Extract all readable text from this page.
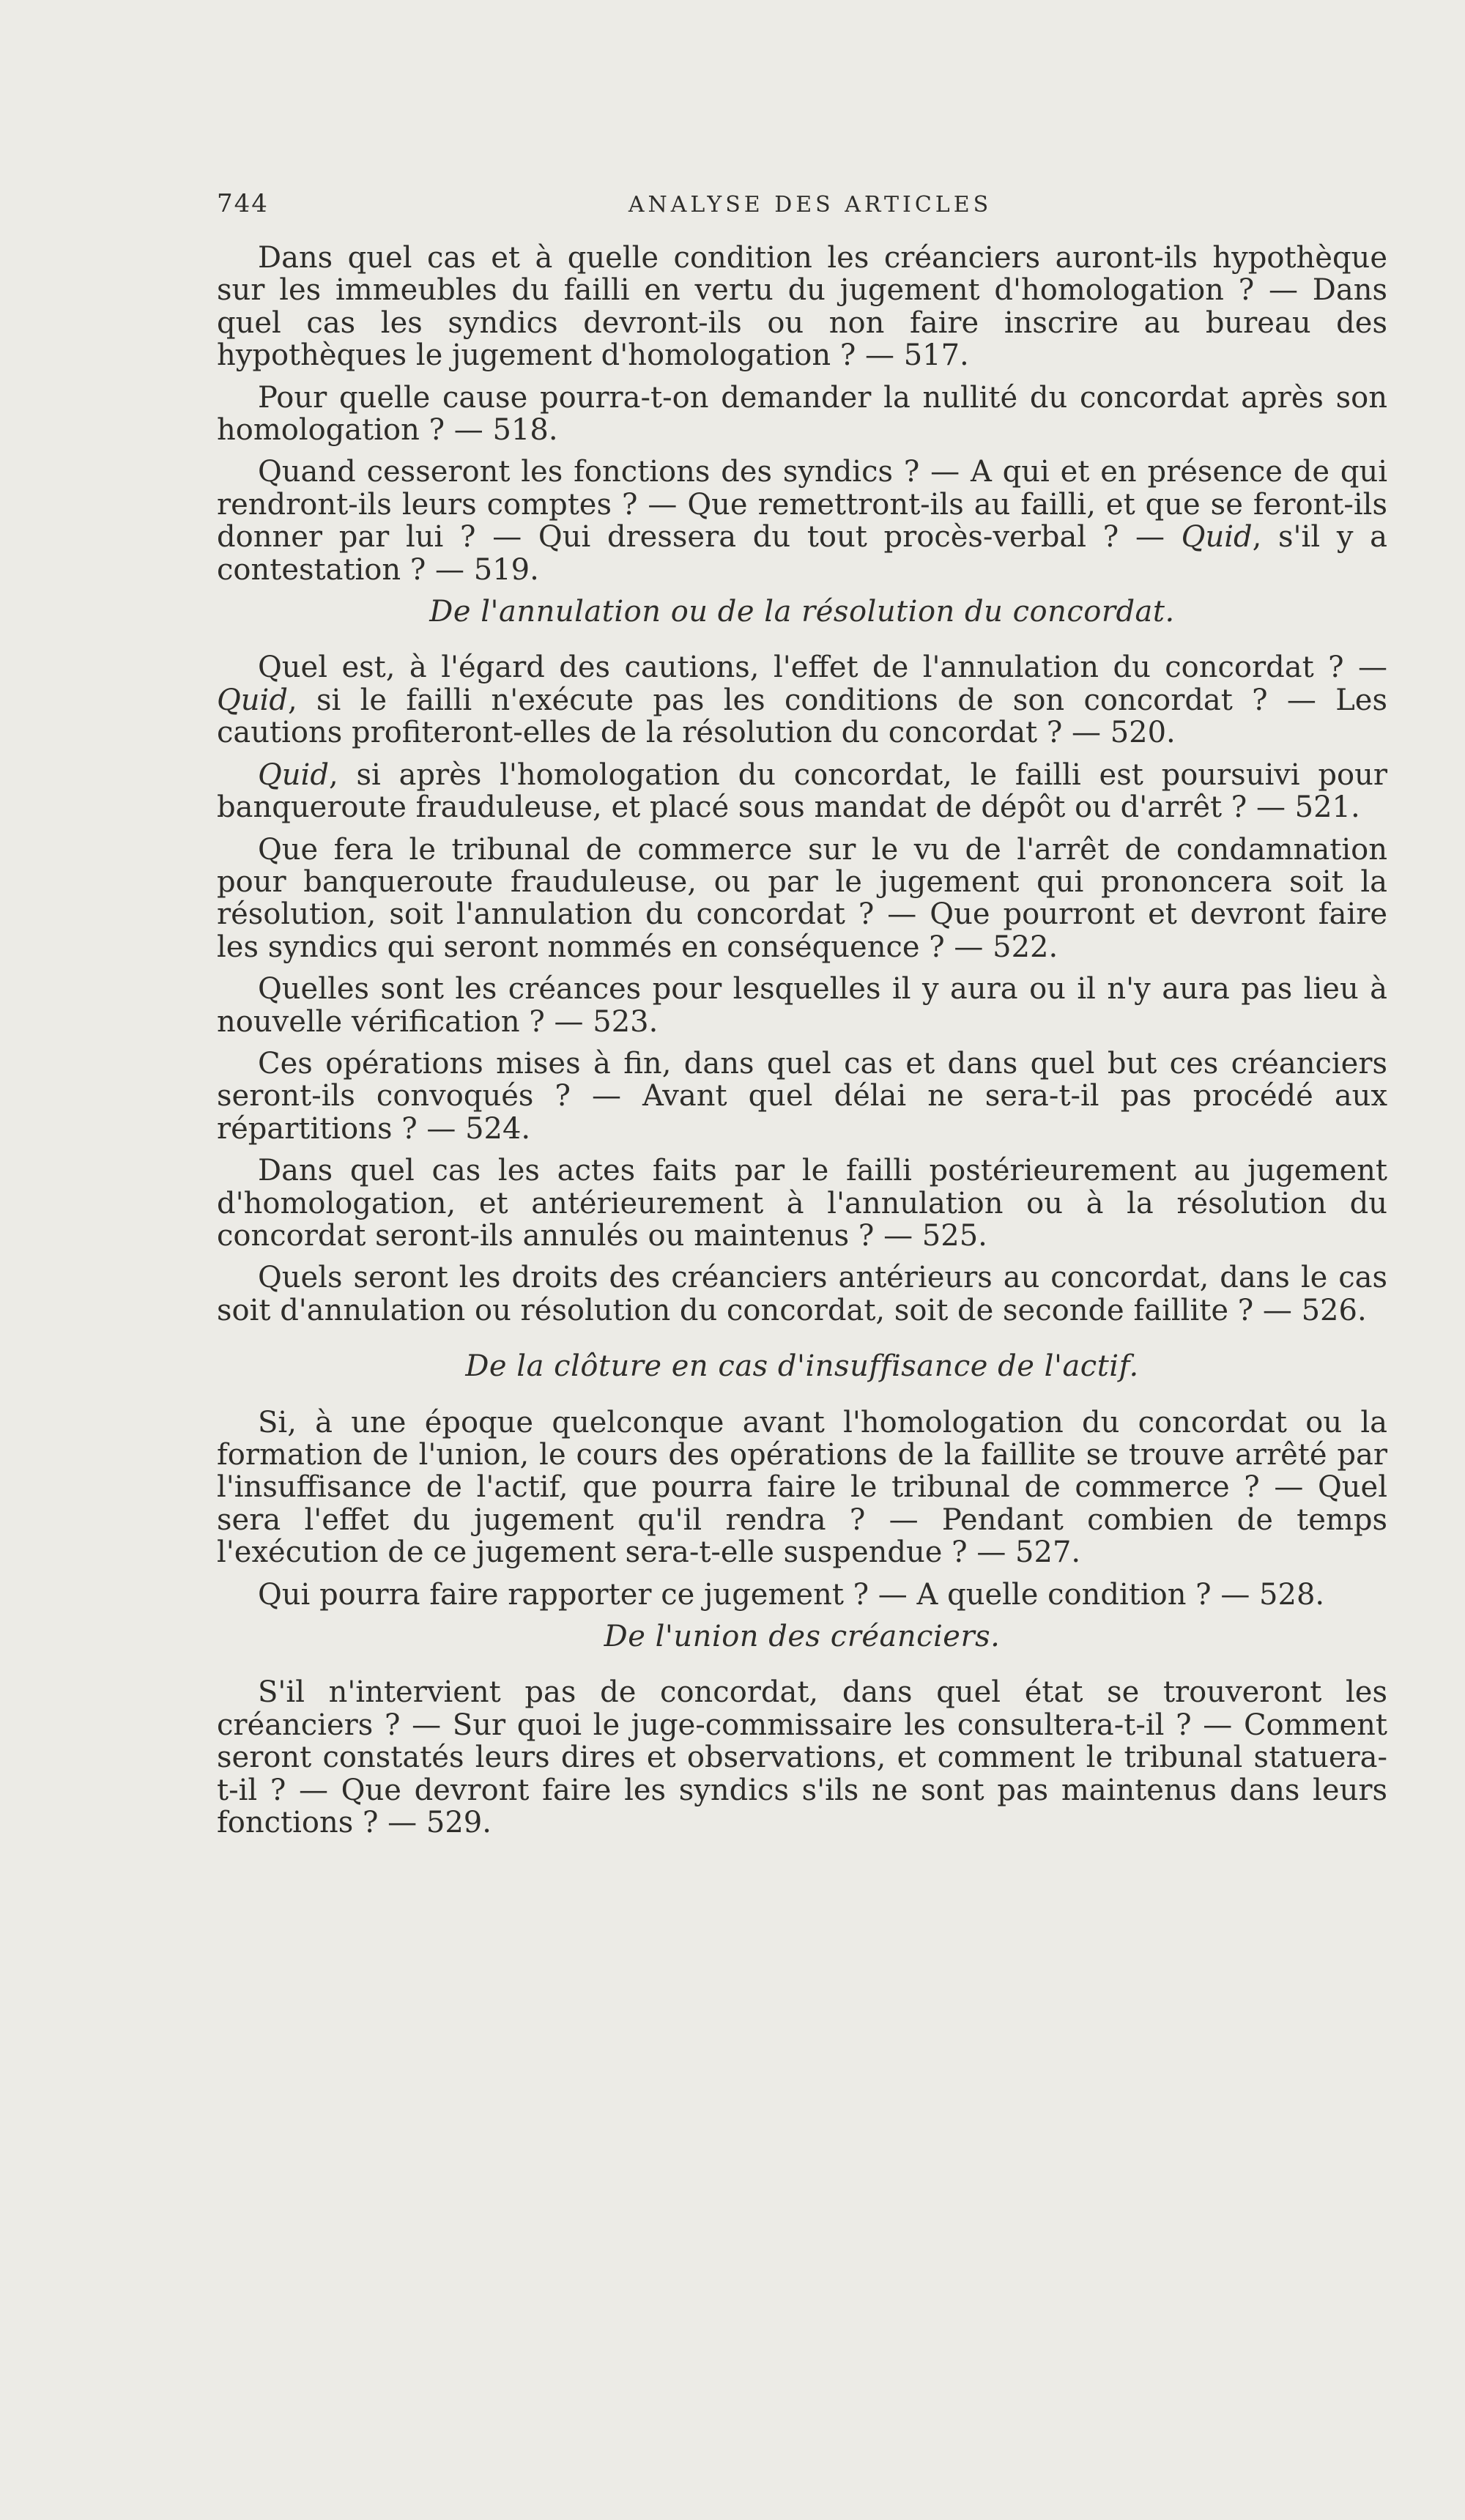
744	ANALYSE DES ARTICLES

Dans quel cas et à quelle condition les créanciers auront-ils hypothèque sur les immeubles du failli en vertu du jugement d'homologation ? — Dans quel cas les syndics devront-ils ou non faire inscrire au bureau des hypothèques le jugement d'homologation ? — 517.

Pour quelle cause pourra-t-on demander la nullité du concordat après son homologation ? — 518.

Quand cesseront les fonctions des syndics ? — A qui et en présence de qui rendront-ils leurs comptes ? — Que remettront-ils au failli, et que se feront-ils donner par lui ? — Qui dressera du tout procès-verbal ? — Quid, s'il y a contestation ? — 519.

De l'annulation ou de la résolution du concordat.

Quel est, à l'égard des cautions, l'effet de l'annulation du concordat ? — Quid, si le failli n'exécute pas les conditions de son concordat ? — Les cautions profiteront-elles de la résolution du concordat ? — 520.

Quid, si après l'homologation du concordat, le failli est poursuivi pour banqueroute frauduleuse, et placé sous mandat de dépôt ou d'arrêt ? — 521.

Que fera le tribunal de commerce sur le vu de l'arrêt de condamnation pour banqueroute frauduleuse, ou par le jugement qui prononcera soit la résolution, soit l'annulation du concordat ? — Que pourront et devront faire les syndics qui seront nommés en conséquence ? — 522.

Quelles sont les créances pour lesquelles il y aura ou il n'y aura pas lieu à nouvelle vérification ? — 523.

Ces opérations mises à fin, dans quel cas et dans quel but ces créanciers seront-ils convoqués ? — Avant quel délai ne sera-t-il pas procédé aux répartitions ? — 524.

Dans quel cas les actes faits par le failli postérieurement au jugement d'homologation, et antérieurement à l'annulation ou à la résolution du concordat seront-ils annulés ou maintenus ? — 525.

Quels seront les droits des créanciers antérieurs au concordat, dans le cas soit d'annulation ou résolution du concordat, soit de seconde faillite ? — 526.

De la clôture en cas d'insuffisance de l'actif.

Si, à une époque quelconque avant l'homologation du concordat ou la formation de l'union, le cours des opérations de la faillite se trouve arrêté par l'insuffisance de l'actif, que pourra faire le tribunal de commerce ? — Quel sera l'effet du jugement qu'il rendra ? — Pendant combien de temps l'exécution de ce jugement sera-t-elle suspendue ? — 527.

Qui pourra faire rapporter ce jugement ? — A quelle condition ? — 528.

De l'union des créanciers.

S'il n'intervient pas de concordat, dans quel état se trouveront les créanciers ? — Sur quoi le juge-commissaire les consultera-t-il ? — Comment seront constatés leurs dires et observations, et comment le tribunal statuera-t-il ? — Que devront faire les syndics s'ils ne sont pas maintenus dans leurs fonctions ? — 529.
